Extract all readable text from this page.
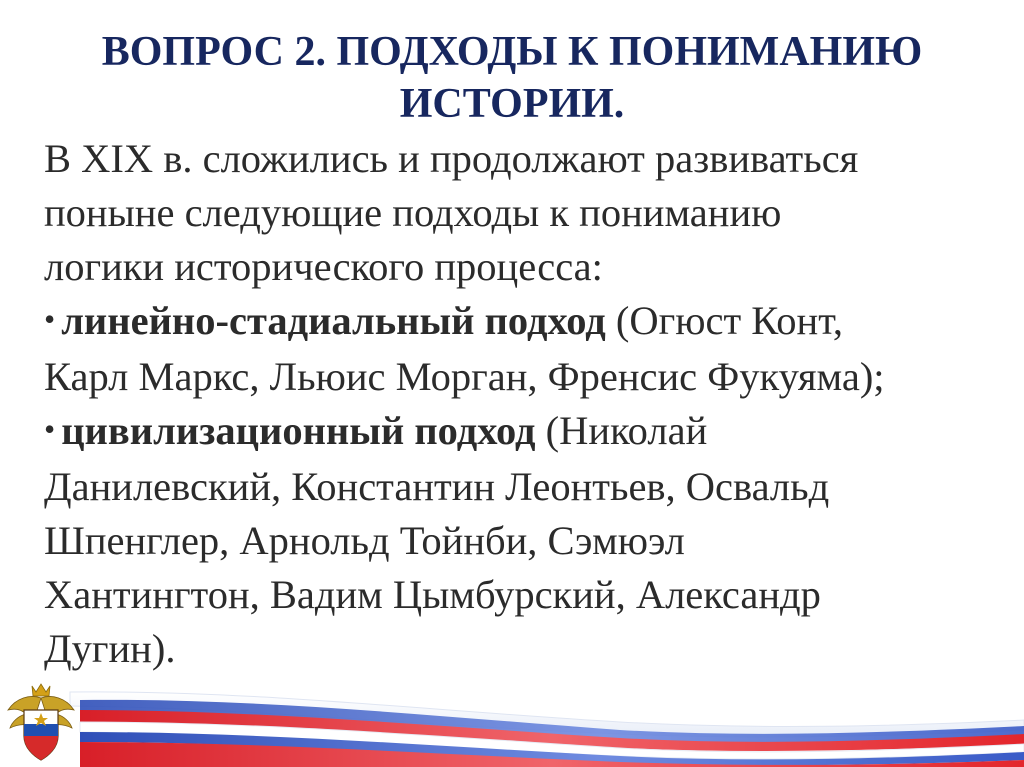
ВОПРОС 2. ПОДХОДЫ К ПОНИМАНИЮ
ИСТОРИИ.
В XIX в. сложились и продолжают развиваться
поныне следующие подходы к пониманию
логики исторического процесса:
• линейно-стадиальный подход (Огюст Конт,
Карл Маркс, Льюис Морган, Френсис Фукуяма);
• цивилизационный подход (Николай
Данилевский, Константин Леонтьев, Освальд
Шпенглер, Арнольд Тойнби, Сэмюэл
Хантингтон, Вадим Цымбурский, Александр
Дугин).
